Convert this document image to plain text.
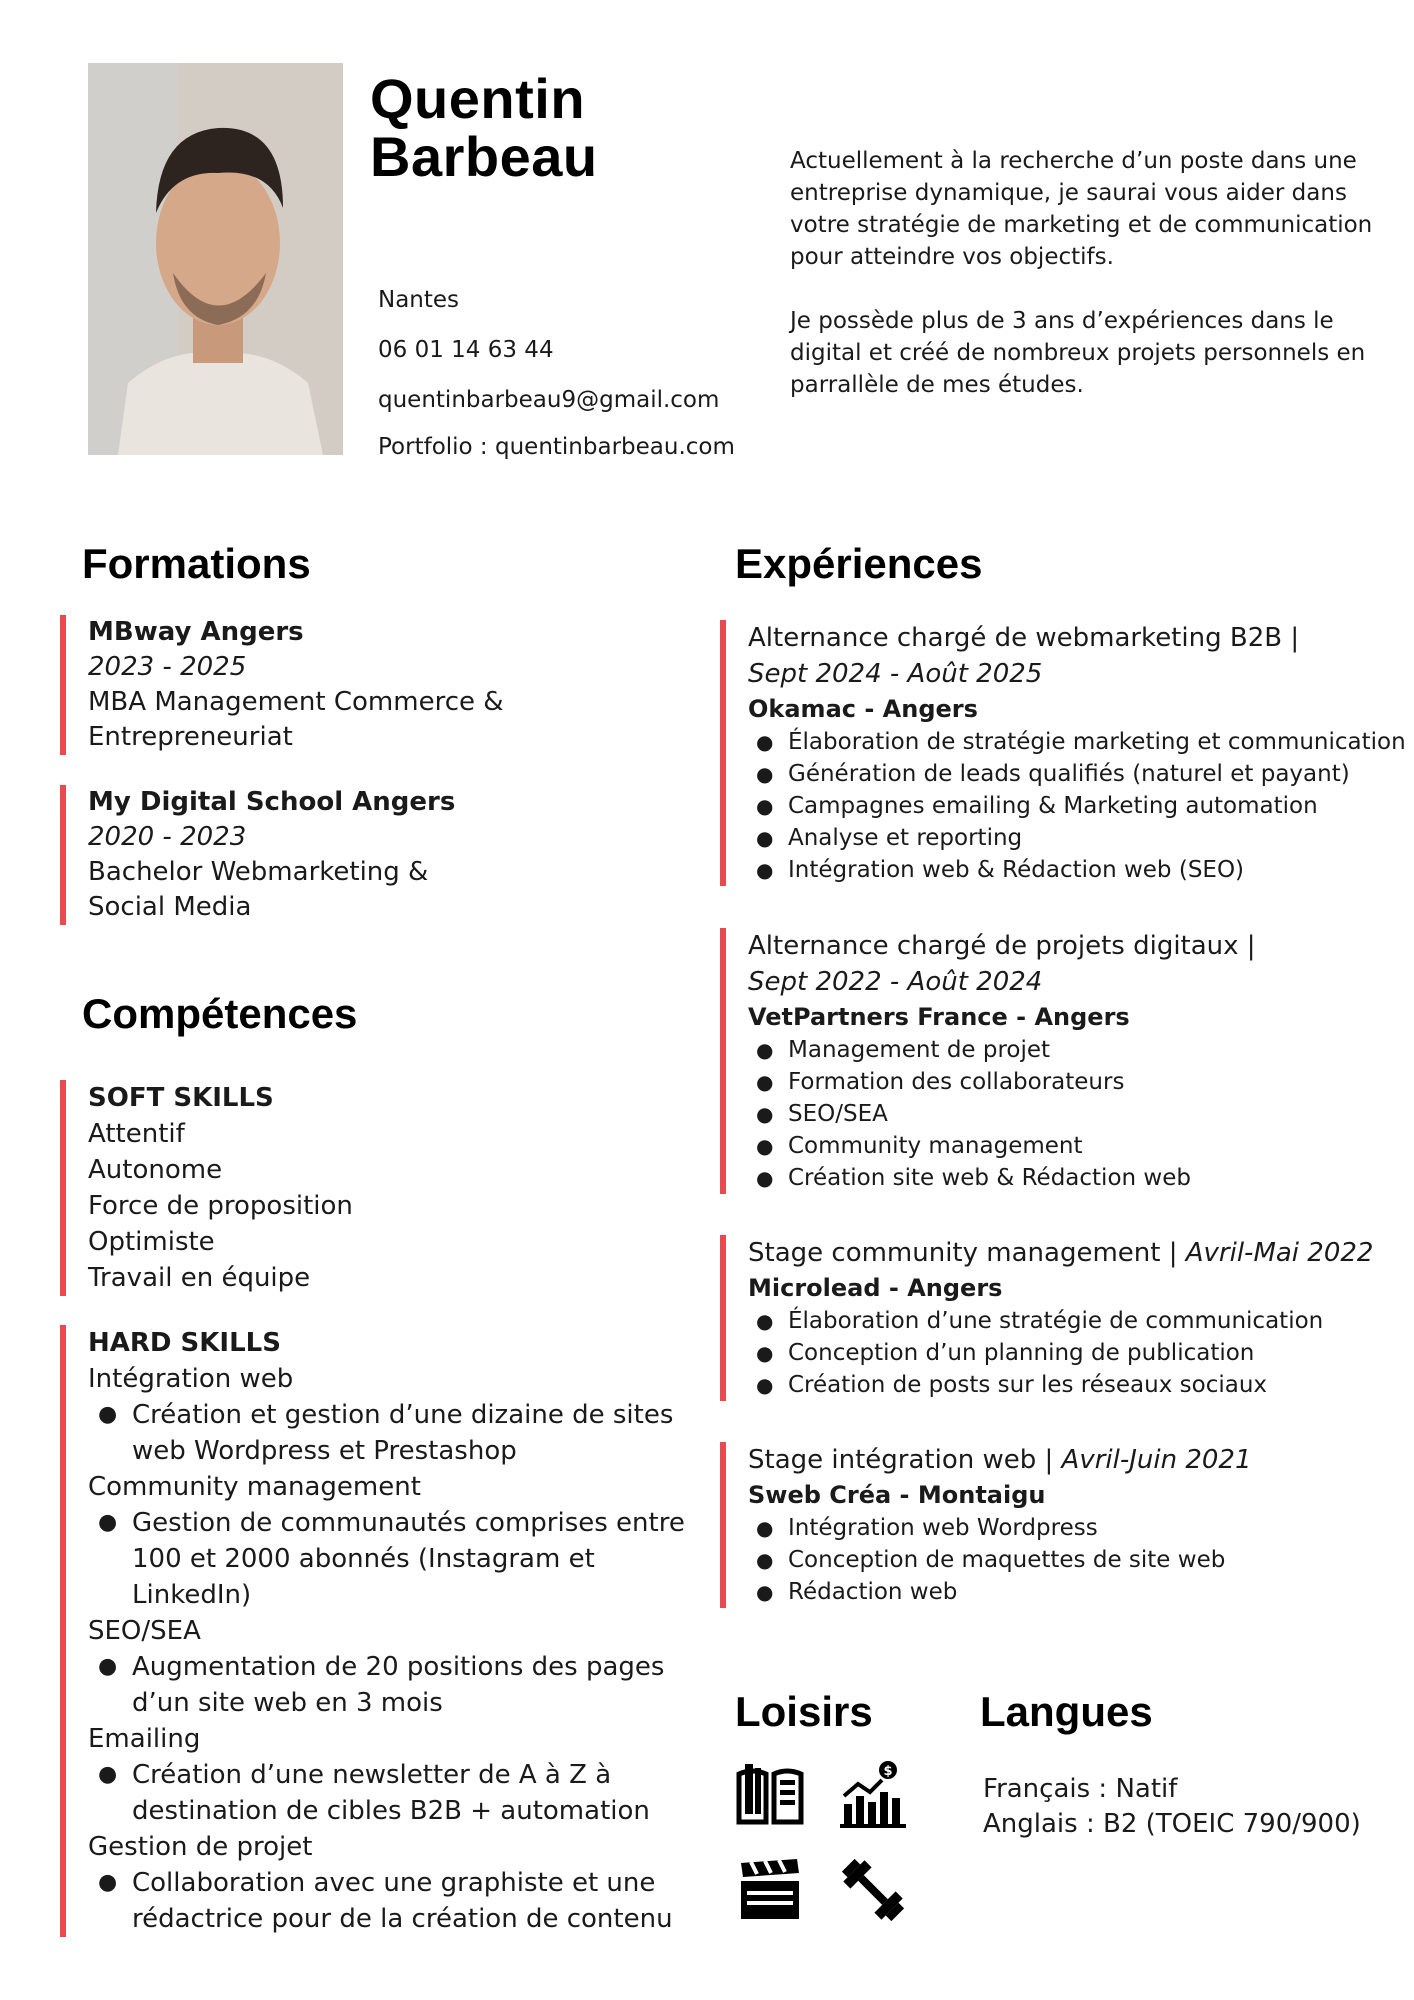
Quentin
Barbeau
Nantes
06 01 14 63 44
quentinbarbeau9@gmail.com
Portfolio : quentinbarbeau.com

Actuellement à la recherche d’un poste dans une entreprise dynamique, je saurai vous aider dans votre stratégie de marketing et de communication pour atteindre vos objectifs.

Je possède plus de 3 ans d’expériences dans le digital et créé de nombreux projets personnels en parrallèle de mes études.

Formations
MBway Angers
2023 - 2025
MBA Management Commerce &
Entrepreneuriat
My Digital School Angers
2020 - 2023
Bachelor Webmarketing &
Social Media
Compétences
SOFT SKILLS
Attentif
Autonome
Force de proposition
Optimiste
Travail en équipe
HARD SKILLS
Intégration web
● Création et gestion d’une dizaine de sites
web Wordpress et Prestashop
Community management
● Gestion de communautés comprises entre
100 et 2000 abonnés (Instagram et
LinkedIn)
SEO/SEA
● Augmentation de 20 positions des pages
d’un site web en 3 mois
Emailing
● Création d’une newsletter de A à Z à
destination de cibles B2B + automation
Gestion de projet
● Collaboration avec une graphiste et une
rédactrice pour de la création de contenu
Expériences
Alternance chargé de webmarketing B2B |
Sept 2024 - Août 2025
Okamac - Angers
● Élaboration de stratégie marketing et communication
● Génération de leads qualifiés (naturel et payant)
● Campagnes emailing & Marketing automation
● Analyse et reporting
● Intégration web & Rédaction web (SEO)
Alternance chargé de projets digitaux |
Sept 2022 - Août 2024
VetPartners France - Angers
● Management de projet
● Formation des collaborateurs
● SEO/SEA
● Community management
● Création site web & Rédaction web
Stage community management | Avril-Mai 2022
Microlead - Angers
● Élaboration d’une stratégie de communication
● Conception d’un planning de publication
● Création de posts sur les réseaux sociaux
Stage intégration web | Avril-Juin 2021
Sweb Créa - Montaigu
● Intégration web Wordpress
● Conception de maquettes de site web
● Rédaction web
Loisirs
$
Langues
Français : Natif
Anglais : B2 (TOEIC 790/900)
